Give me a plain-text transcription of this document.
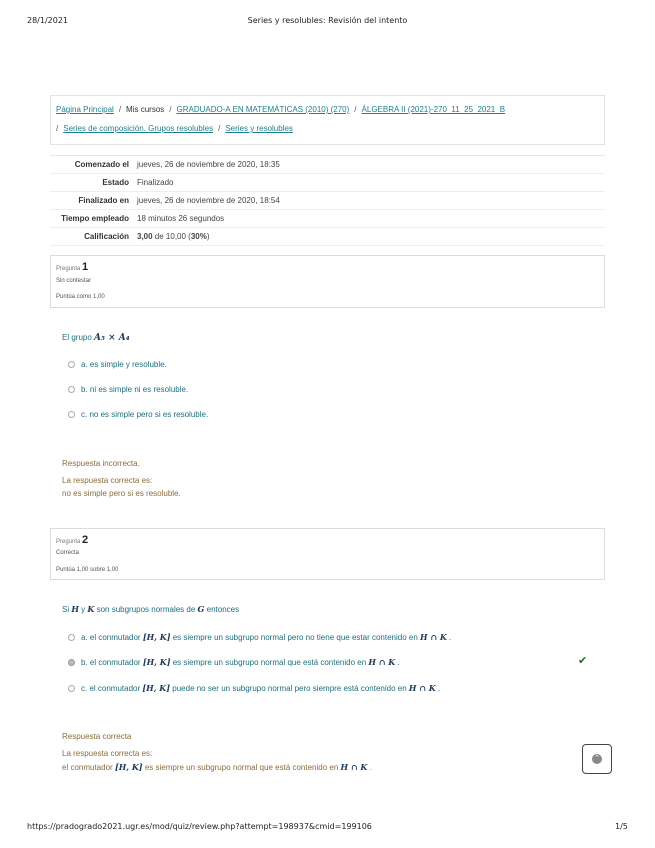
28/1/2021	Series y resolubles: Revisión del intento
Página Principal / Mis cursos / GRADUADO-A EN MATEMÁTICAS (2010) (270) / ÁLGEBRA II (2021)-270_11_25_2021_B
/ Series de composición. Grupos resolubles / Series y resolubles
Comenzado el	jueves, 26 de noviembre de 2020, 18:35
Estado	Finalizado
Finalizado en	jueves, 26 de noviembre de 2020, 18:54
Tiempo empleado	18 minutos 26 segundos
Calificación	3,00 de 10,00 (30%)
Pregunta 1
Sin contestar
Puntúa como 1,00
El grupo A₅ × A₄
a. es simple y resoluble.
b. ni es simple ni es resoluble.
c. no es simple pero si es resoluble.
Respuesta incorrecta.
La respuesta correcta es:
no es simple pero si es resoluble.
Pregunta 2
Correcta
Puntúa 1,00 sobre 1,00
Si H y K son subgrupos normales de G entonces
a. el conmutador
[H, K]
es siempre un subgrupo normal pero no tiene que estar contenido en
H ∩ K
.
b. el conmutador
[H, K]
es siempre un subgrupo normal que está contenido en
H ∩ K
.	✔
c. el conmutador
[H, K]
puede no ser un subgrupo normal pero siempre está contenido en
H ∩ K
.
Respuesta correcta
La respuesta correcta es:
el conmutador [H, K] es siempre un subgrupo normal que está contenido en H ∩ K .
⌃
https://pradogrado2021.ugr.es/mod/quiz/review.php?attempt=198937&cmid=199106	1/5
